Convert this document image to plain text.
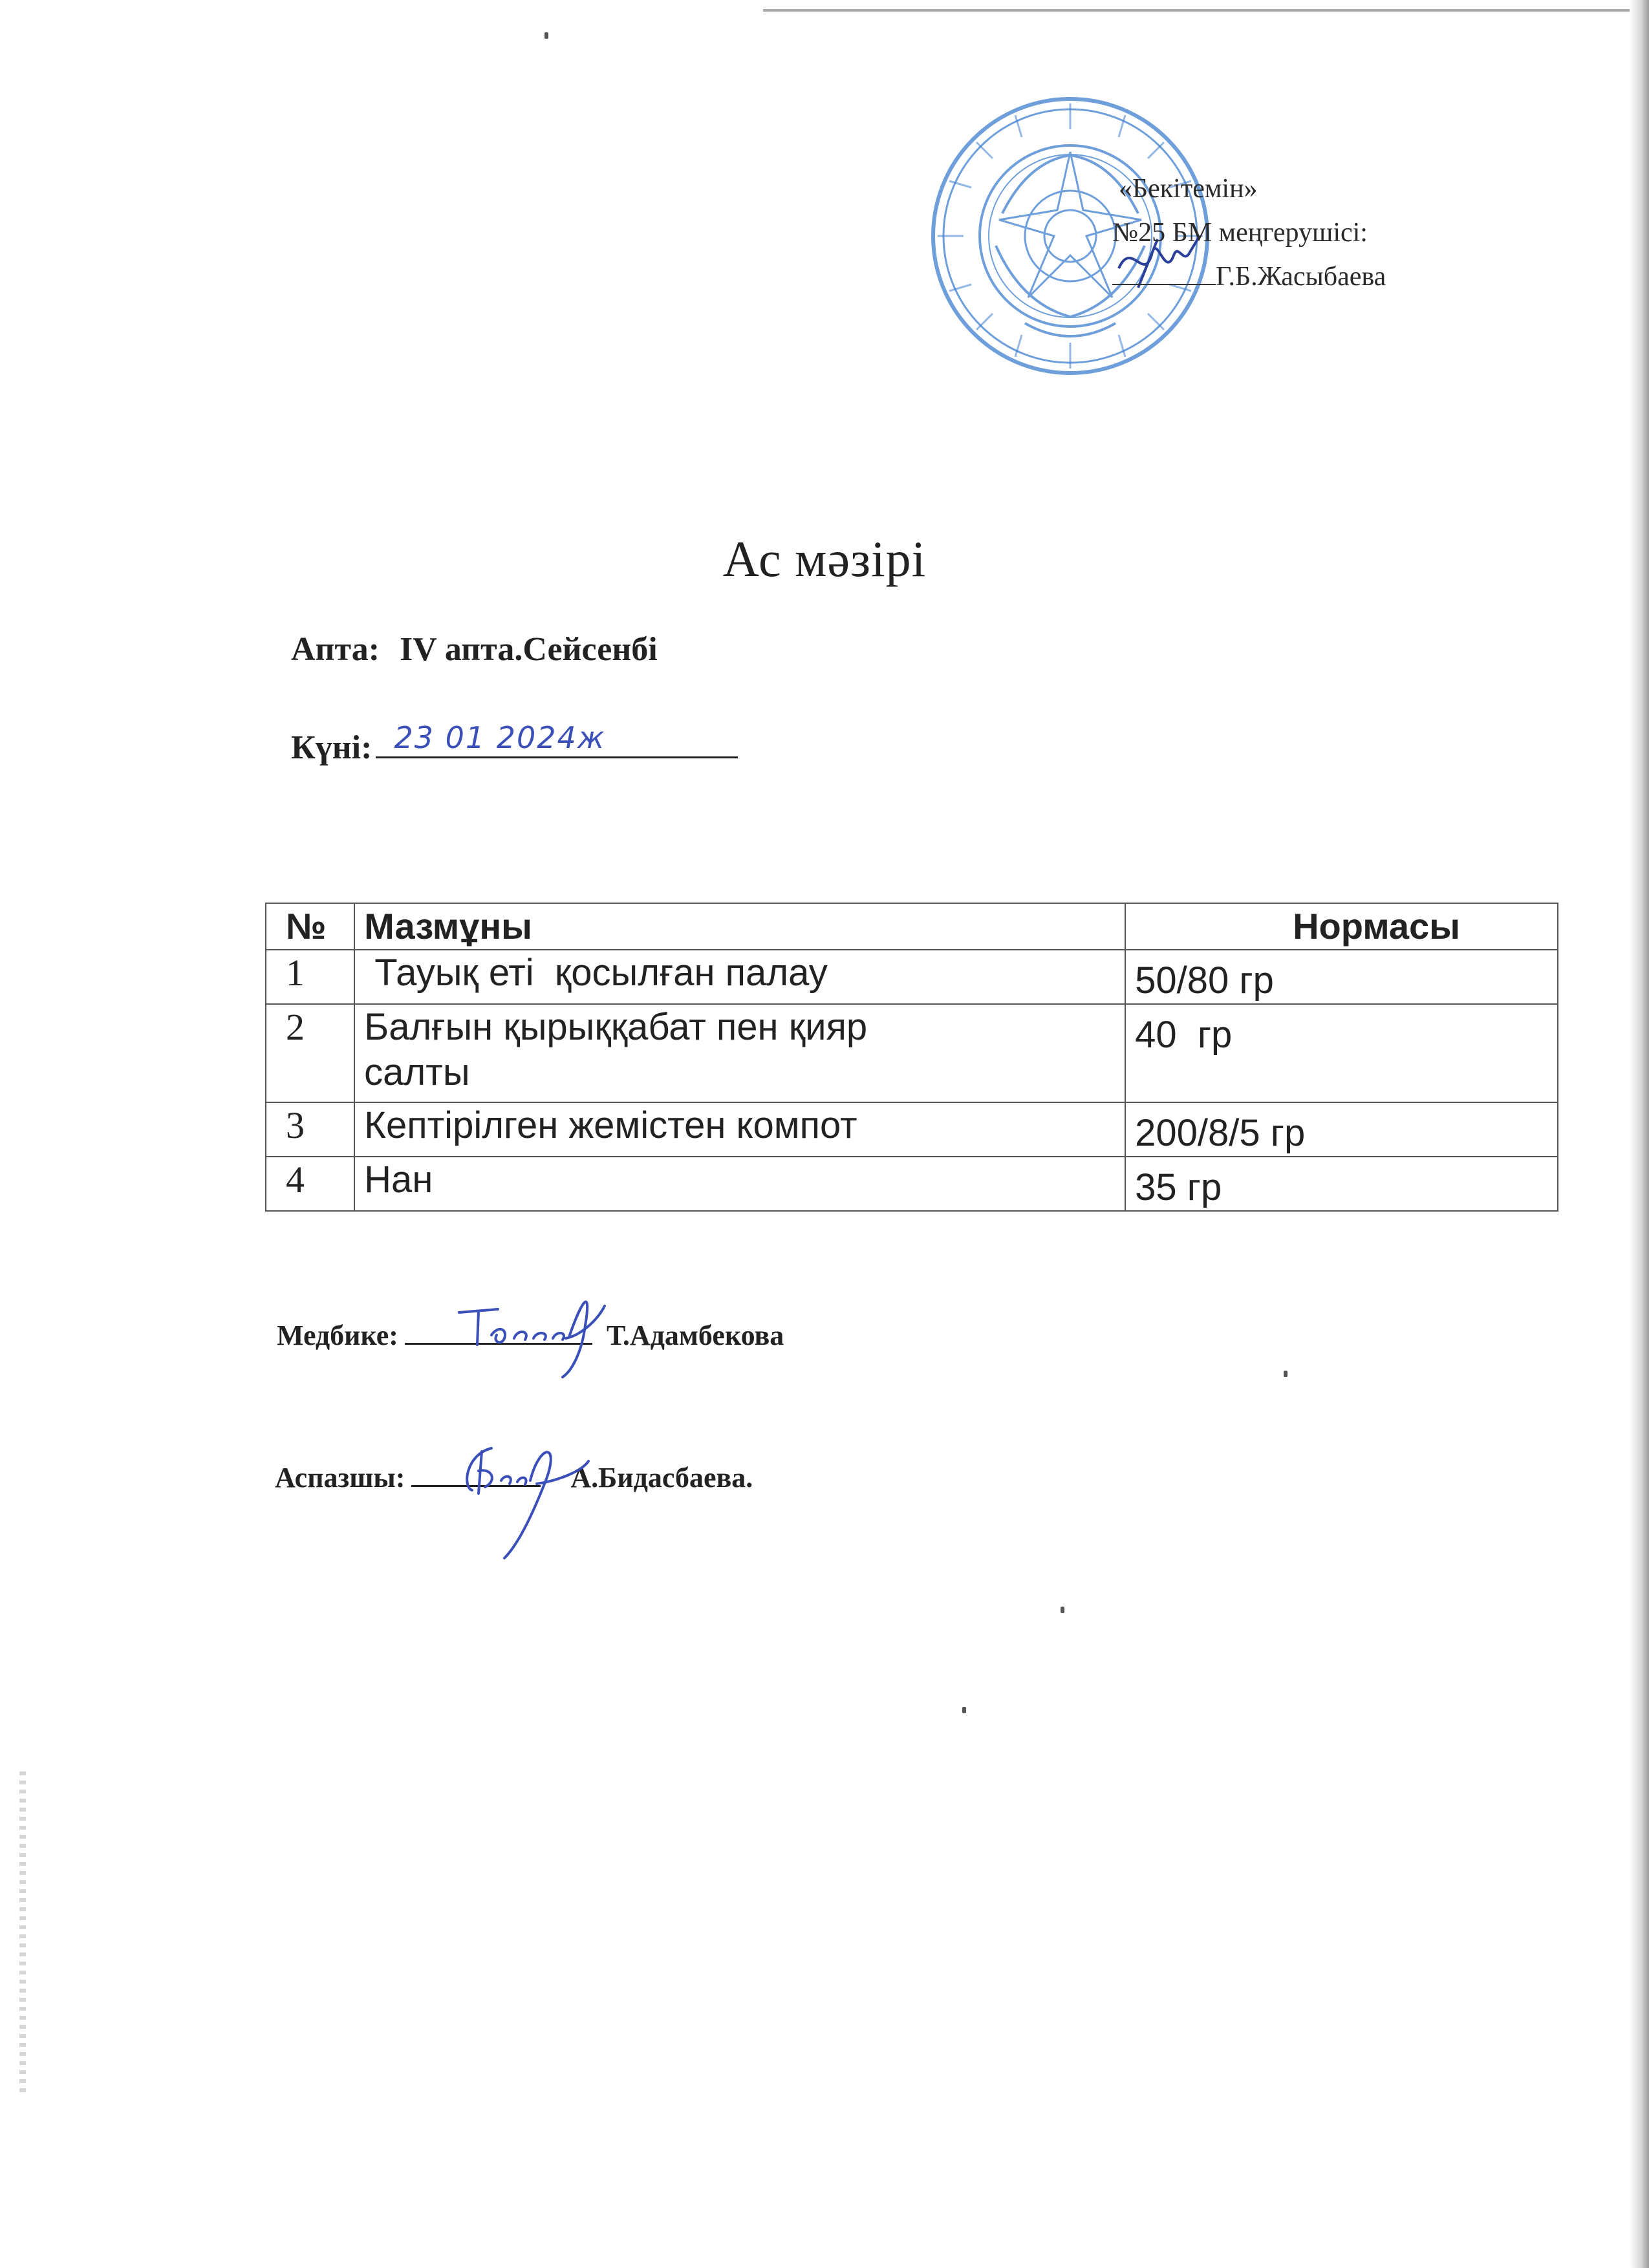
«Бекітемін»
№25 БМ меңгерушісі:
Г.Б.Жасыбаева
Ас мәзірі
Апта: IV апта.Сейсенбі
Күні: 23 01 2024ж
№	Мазмұны	Нормасы
1	Тауық еті  қосылған палау	50/80 гр
2	Балғын қырыққабат пен қияр салты	40  гр
3	Кептірілген жемістен компот	200/8/5 гр
4	Нан	35 гр
Медбике:	Т.Адамбекова
Аспазшы:	А.Бидасбаева.
